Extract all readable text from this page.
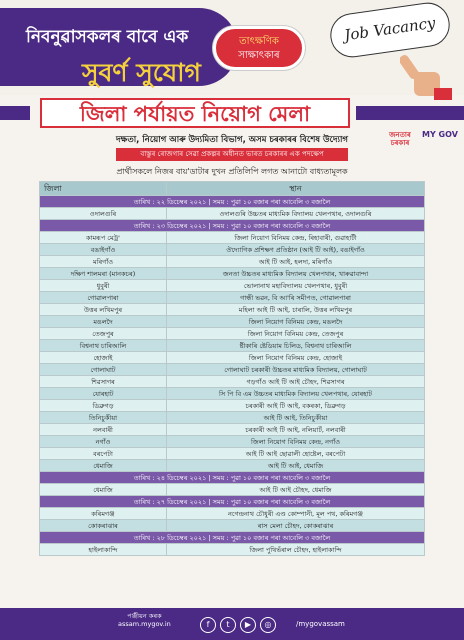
নিবনুৱাসকলৰ বাবে এক
সুবৰ্ণ সুযোগ
তাৎক্ষণিক
সাক্ষাৎকাৰ
Job Vacancy
জিলা পৰ্যায়ত নিয়োগ মেলা
দক্ষতা, নিয়োগ আৰু উদ্যমিতা বিভাগ, অসম চৰকাৰৰ বিশেষ উদ্যোগ	জনতাৰ চৰকাৰ
MY GOV
বাস্তুৰ ৰোজগাৰ সেৱা প্ৰকল্পৰ অধীনত ভাৰত চৰকাৰৰ এক পদক্ষেপ
প্ৰাৰ্থীসকলে নিজৰ বায়'ডাটাৰ দুখন প্ৰতিলিপি লগত আনাটো বাধ্যতামূলক
জিলা	স্থান
তাৰিখ : ২২ ডিচেম্বৰ ২০২১ | সময় : পুৱা ১০ বজাৰ পৰা আবেলি ৩ বজালৈ	
ওদালগুৰি	ওদালগুৰি উচ্চতৰ মাধ্যমিক বিদ্যালয় খেলপথাৰ, ওদালগুৰি
তাৰিখ : ২৩ ডিচেম্বৰ ২০২১ | সময় : পুৱা ১০ বজাৰ পৰা আবেলি ৩ বজালৈ	
কামৰূপ মেট্ৰ'	জিলা নিয়োগ বিনিময় কেন্দ্ৰ, ৰিহাবাৰী, গুৱাহাটী
বঙাইগাঁও	ঔদ্যোগিক প্ৰশিক্ষণ প্ৰতিষ্ঠান (আই টি আই), বঙাইগাঁও
মৰিগাঁও	আই টি আই, হলদা, মৰিগাঁও
দক্ষিণ শালমৰা (মানকচৰ)	জনতা উচ্চতৰ মাধ্যমিক বিদ্যালয় খেলপথাৰ, খাৰুৱাবান্দা
ধুবুৰী	ভোলানাথ মহাবিদ্যালয় খেলপথাৰ, ধুবুৰী
গোৱালপাৰা	গান্ধী ভৱন, বি আ'ৰি সমীপত, গোৱালপাৰা
উত্তৰ লখিমপুৰ	মহিলা আই টি আই, চাৰালি, উত্তৰ লখিমপুৰ
মঙলদৈ	জিলা নিয়োগ বিনিময় কেন্দ্ৰ, মঙলদৈ
তেজপুৰ	জিলা নিয়োগ বিনিময় কেন্দ্ৰ, তেজপুৰ
বিশ্বনাথ চাৰিআলি	ষ্টীকাৰি ষ্টেডিয়াম চিলিড, বিশ্বনাথ চাৰিআলি
হোজাই	জিলা নিয়োগ বিনিময় কেন্দ্ৰ, হোজাই
গোলাঘাট	গোলাঘাট চৰকাৰী উচ্চতৰ মাধ্যমিক বিদ্যালয়, গোলাঘাট
শিৱসাগৰ	গড়গাঁও আই টি আই চৌহদ, শিৱসাগৰ
যোৰহাট	সি পি বি এম উচ্চতৰ মাধ্যমিক বিদ্যালয় খেলপথাৰ, যোৰহাট
ডিব্ৰুগড়	চৰকাৰী আই টি আই, বকৰকা, ডিব্ৰুগড়
তিনিচুকীয়া	আই টি আই, তিনিচুকীয়া
নলবাৰী	চৰকাৰী আই টি আই, নলিয়াৰ্ট, নলবাৰী
নগাঁও	জিলা নিয়োগ বিনিময় কেন্দ্ৰ, নগাঁও
বৰপেটা	আই টি আই ছোৱালী হোষ্টেল, বৰপেটা
ধেমাজি	আই টি আই, ধেমাজি
তাৰিখ : ২৪ ডিচেম্বৰ ২০২১ | সময় : পুৱা ১০ বজাৰ পৰা আবেলি ৩ বজালৈ	
ধেমাজি	আই টি আই চৌহদ, ধেমাজি
তাৰিখ : ২৭ ডিচেম্বৰ ২০২১ | সময় : পুৱা ১০ বজাৰ পৰা আবেলি ৩ বজালৈ	
কৰিমগঞ্জ	নগেন্দ্ৰনাথ চৌধুৰী এণ্ড কোম্পানী, মূল পথ, কৰিমগঞ্জ
কোকৰাঝাৰ	ৰাস মেলা চৌহদ, কোকৰাঝাৰ
তাৰিখ : ২৮ ডিচেম্বৰ ২০২১ | সময় : পুৱা ১০ বজাৰ পৰা আবেলি ৩ বজালৈ	
হাইলাকান্দি	জিলা পুথিভঁৰাল চৌহদ, হাইলাকান্দি
পঞ্জীয়ন কৰক
assam.mygov.in	f	t	▶	◎	/mygovassam
